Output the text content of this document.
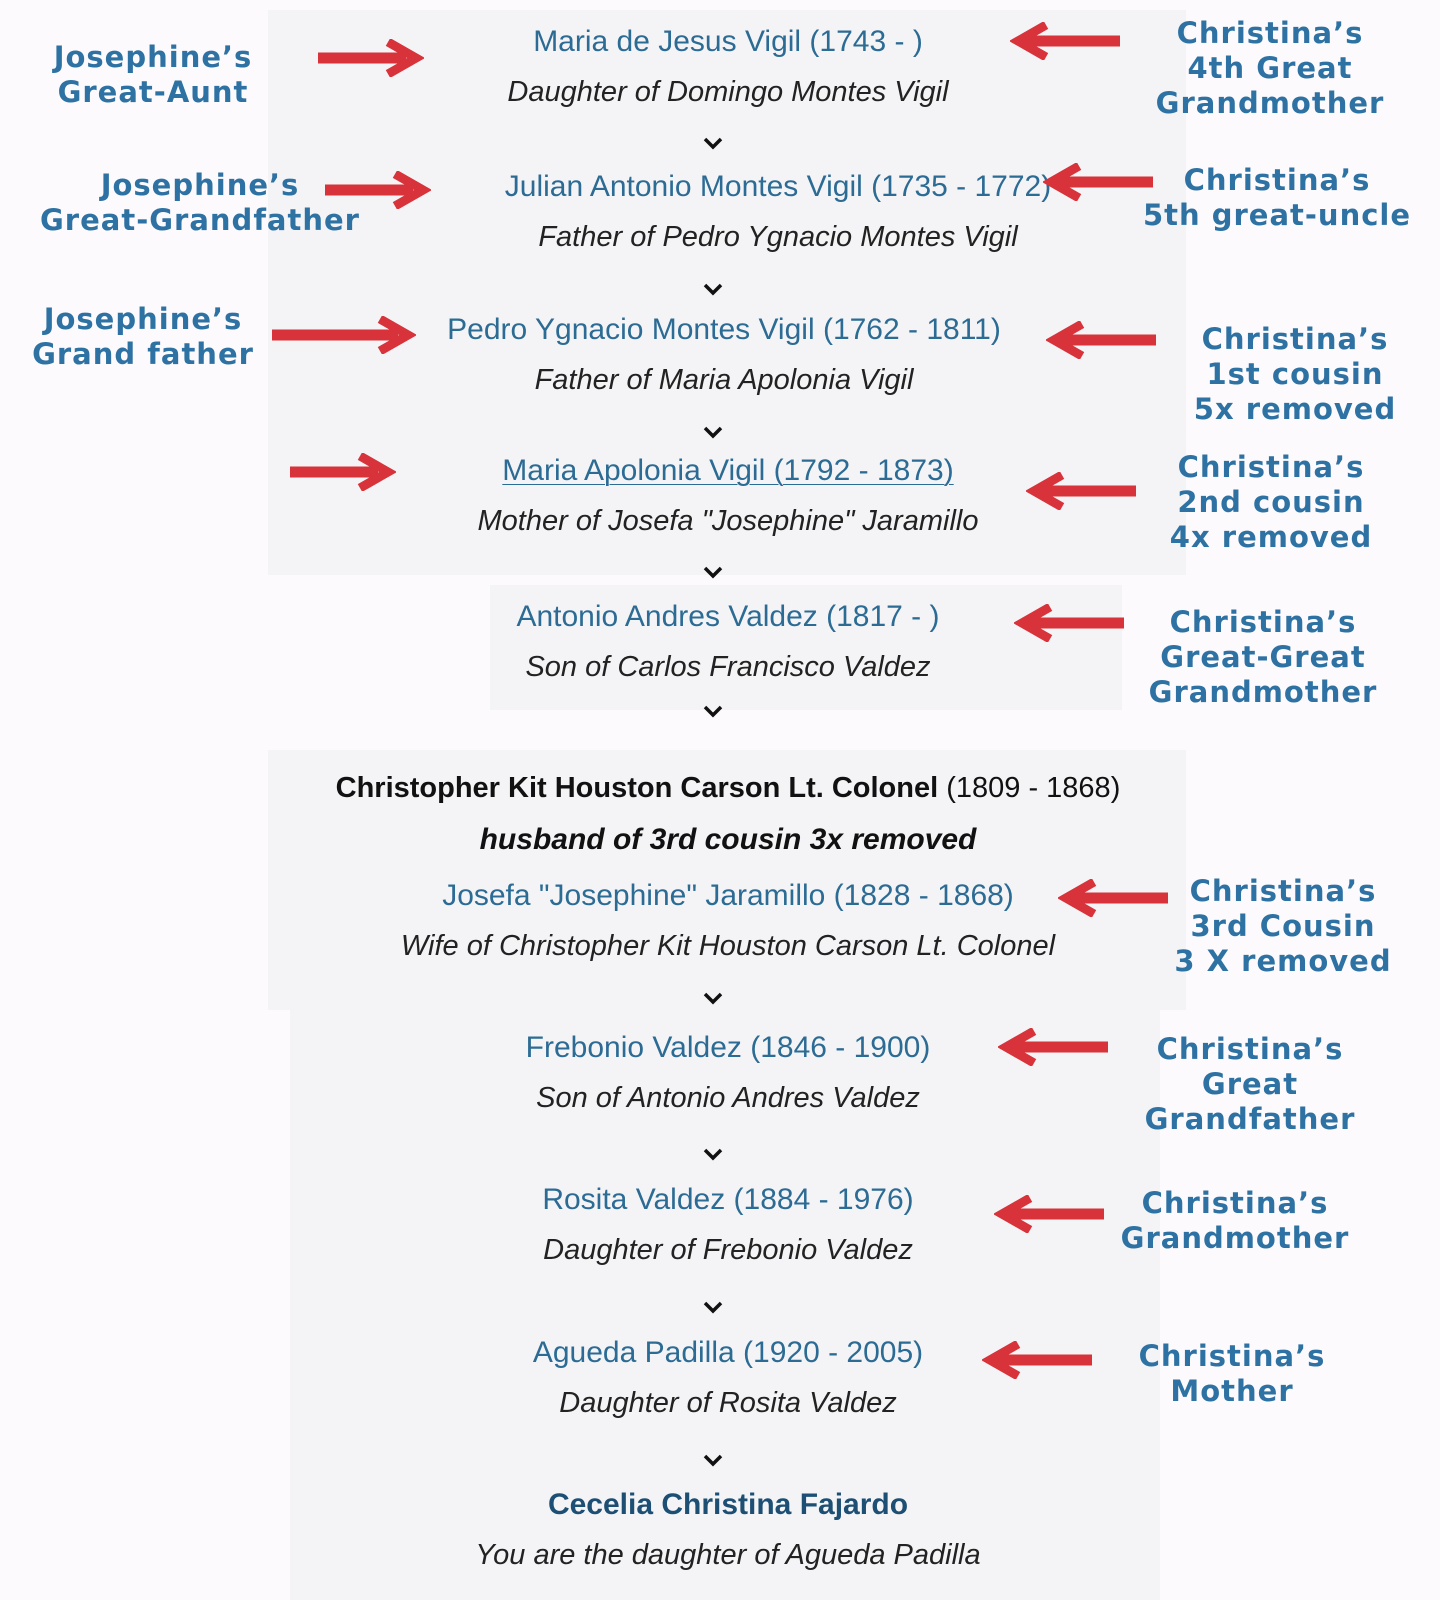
Maria de Jesus Vigil (1743 - )
Daughter of Domingo Montes Vigil
Julian Antonio Montes Vigil (1735 - 1772)
Father of Pedro Ygnacio Montes Vigil
Pedro Ygnacio Montes Vigil (1762 - 1811)
Father of Maria Apolonia Vigil
Maria Apolonia Vigil (1792 - 1873)
Mother of Josefa "Josephine" Jaramillo
Antonio Andres Valdez (1817 - )
Son of Carlos Francisco Valdez
Christopher Kit Houston Carson Lt. Colonel (1809 - 1868)
husband of 3rd cousin 3x removed
Josefa "Josephine" Jaramillo (1828 - 1868)
Wife of Christopher Kit Houston Carson Lt. Colonel
Frebonio Valdez (1846 - 1900)
Son of Antonio Andres Valdez
Rosita Valdez (1884 - 1976)
Daughter of Frebonio Valdez
Agueda Padilla (1920 - 2005)
Daughter of Rosita Valdez
Cecelia Christina Fajardo
You are the daughter of Agueda Padilla
Josephine’s
Great-Aunt
Josephine’s
Great-Grandfather
Josephine’s
Grand father
Christina’s
4th Great
Grandmother
Christina’s
5th great-uncle
Christina’s
1st cousin
5x removed
Christina’s
2nd cousin
4x removed
Christina’s
Great-Great
Grandmother
Christina’s
3rd Cousin
3 X removed
Christina’s
Great
Grandfather
Christina’s
Grandmother
Christina’s
Mother
